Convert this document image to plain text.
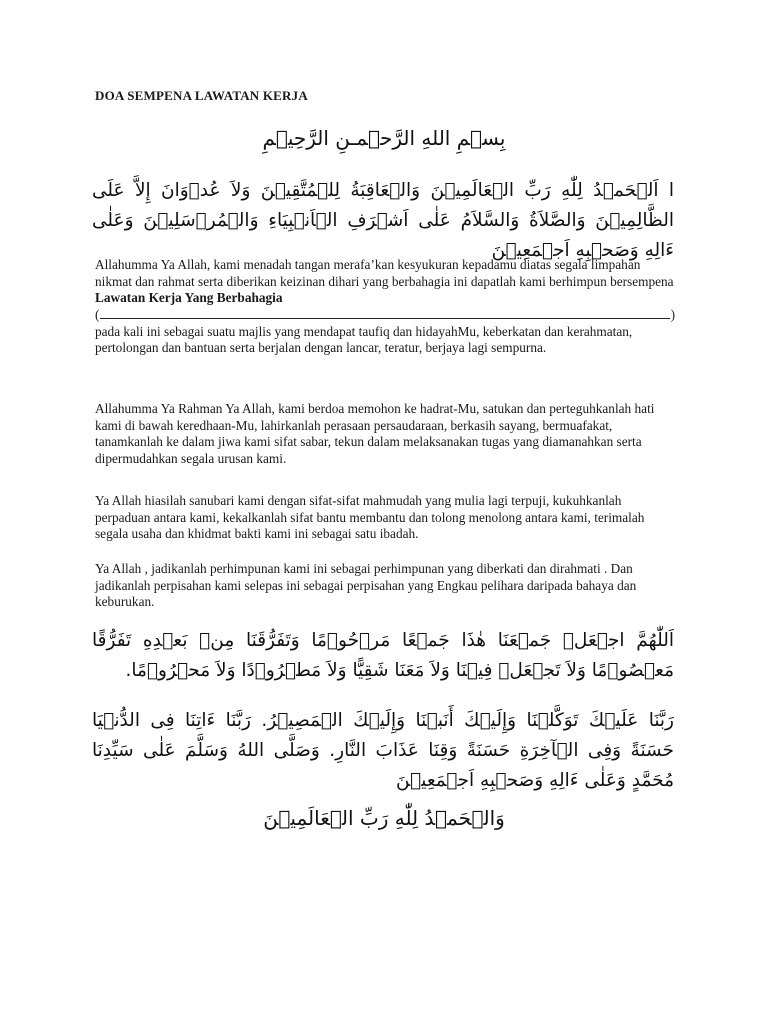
DOA SEMPENA LAWATAN KERJA
بِسۡمِ اللهِ الرَّحۡمـنِ الرَّحِيۡمِ
ا اَلۡحَمۡدُ لِلّٰهِ رَبِّ الۡعَالَمِيۡنَ وَالۡعَاقِبَةُ لِلۡمُتَّقِيۡنَ وَلاَ عُدۡوَانَ إِلاَّ عَلَى الظَّالِمِيۡنَ وَالصَّلاَةُ وَالسَّلاَمُ عَلٰى اَشۡرَفِ الۡاَنۡبِيَاءِ وَالۡمُرۡسَلِيۡنَ وَعَلٰى ءَالِهِ وَصَحۡبِهِ اَجۡمَعِيۡنَ
Allahumma Ya Allah, kami menadah tangan merafa’kan kesyukuran kepadamu diatas segala limpahan nikmat dan rahmat serta diberikan keizinan dihari yang berbahagia ini dapatlah kami berhimpun bersempena Lawatan Kerja Yang Berbahagia
(	)
pada kali ini sebagai suatu majlis yang mendapat taufiq dan hidayahMu, keberkatan dan kerahmatan, pertolongan dan bantuan serta berjalan dengan lancar, teratur, berjaya lagi sempurna.
Allahumma Ya Rahman Ya Allah, kami berdoa memohon ke hadrat-Mu, satukan dan perteguhkanlah hati kami di bawah keredhaan-Mu, lahirkanlah perasaan persaudaraan, berkasih sayang, bermuafakat, tanamkanlah ke dalam jiwa kami sifat sabar, tekun dalam melaksanakan tugas yang diamanahkan serta dipermudahkan segala urusan kami.
Ya Allah hiasilah sanubari kami dengan sifat-sifat mahmudah yang mulia lagi terpuji, kukuhkanlah perpaduan antara kami, kekalkanlah sifat bantu membantu dan tolong menolong antara kami, terimalah segala usaha dan khidmat bakti kami ini sebagai satu ibadah.
Ya Allah , jadikanlah perhimpunan kami ini sebagai perhimpunan yang diberkati dan dirahmati . Dan jadikanlah perpisahan kami selepas ini sebagai perpisahan yang Engkau pelihara daripada bahaya dan keburukan.
اَللّٰهُمَّ اجۡعَلۡ جَمۡعَنَا هٰذَا جَمۡعًا مَرۡحُوۡمًا وَتَفَرُّقَنَا مِنۡ بَعۡدِهِ تَفَرُّقًا مَعۡصُوۡمًا وَلاَ تَجۡعَلۡ فِيۡنَا وَلاَ مَعَنَا شَقِيًّا وَلاَ مَطۡرُوۡدًا وَلاَ مَحۡرُوۡمًا.
رَبَّنَا عَلَيۡكَ تَوَكَّلۡنَا وَإِلَيۡكَ أَنَبۡنَا وَإِلَيۡكَ الۡمَصِيۡرُ. رَبَّنَا ءَاتِنَا فِى الدُّنۡيَا حَسَنَةً وَفِى الۡآخِرَةِ حَسَنَةً وَقِنَا عَذَابَ النَّارِ. وَصَلَّى اللهُ وَسَلَّمَ عَلٰى سَيِّدِنَا مُحَمَّدٍ وَعَلٰى ءَالِهِ وَصَحۡبِهِ اَجۡمَعِيۡنَ
وَالۡحَمۡدُ لِلّٰهِ رَبِّ الۡعَالَمِيۡنَ
